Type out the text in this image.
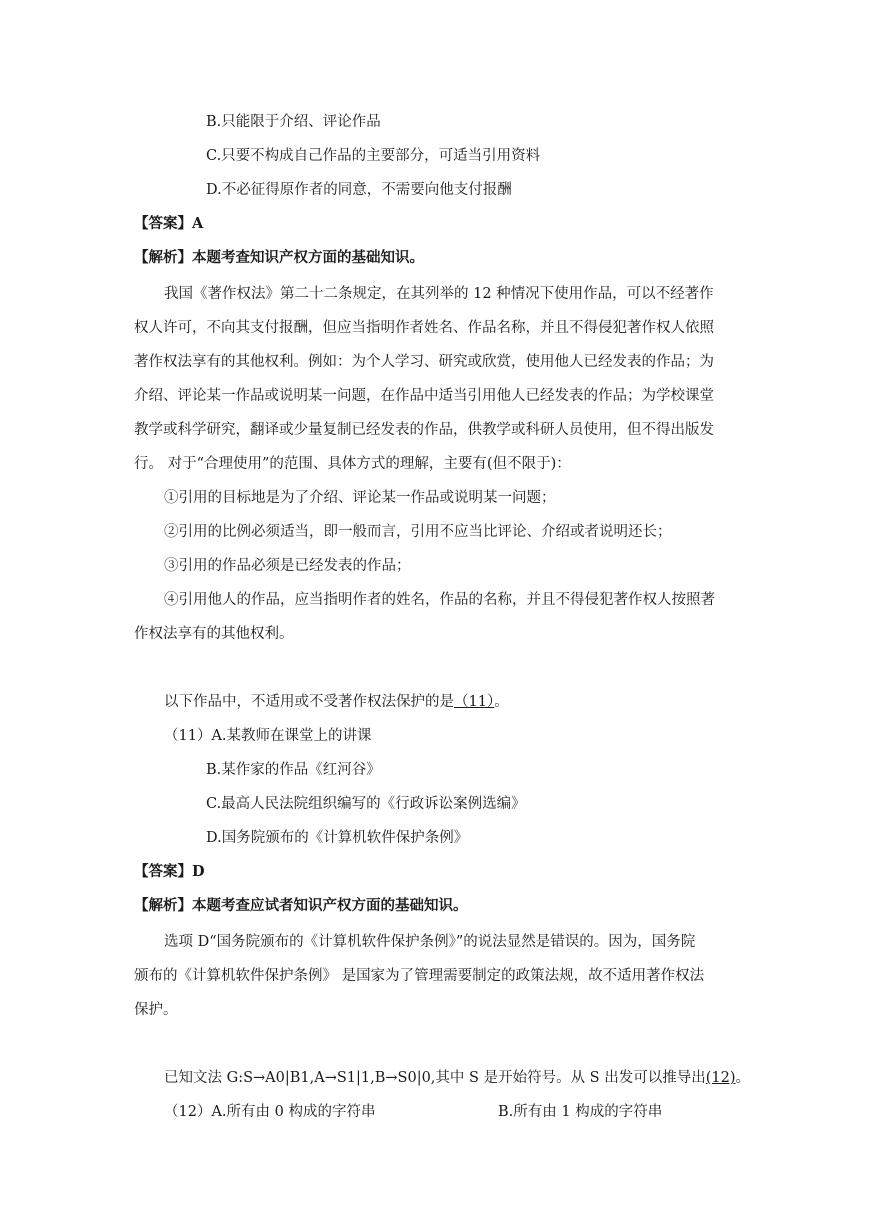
B.只能限于介绍、评论作品
C.只要不构成自己作品的主要部分，可适当引用资料
D.不必征得原作者的同意，不需要向他支付报酬
【答案】A
【解析】本题考查知识产权方面的基础知识。
我国《著作权法》第二十二条规定，在其列举的 12 种情况下使用作品，可以不经著作
权人许可，不向其支付报酬，但应当指明作者姓名、作品名称，并且不得侵犯著作权人依照
著作权法享有的其他权利。例如：为个人学习、研究或欣赏，使用他人已经发表的作品；为
介绍、评论某一作品或说明某一问题，在作品中适当引用他人已经发表的作品；为学校课堂
教学或科学研究，翻译或少量复制已经发表的作品，供教学或科研人员使用，但不得出版发
行。 对于“合理使用”的范围、具体方式的理解，主要有(但不限于)：
①引用的目标地是为了介绍、评论某一作品或说明某一问题；
②引用的比例必须适当，即一般而言，引用不应当比评论、介绍或者说明还长；
③引用的作品必须是已经发表的作品；
④引用他人的作品，应当指明作者的姓名，作品的名称，并且不得侵犯著作权人按照著
作权法享有的其他权利。
以下作品中，不适用或不受著作权法保护的是（11）。
（11）A.某教师在课堂上的讲课
B.某作家的作品《红河谷》
C.最高人民法院组织编写的《行政诉讼案例选编》
D.国务院颁布的《计算机软件保护条例》
【答案】D
【解析】本题考查应试者知识产权方面的基础知识。
选项 D“国务院颁布的《计算机软件保护条例》”的说法显然是错误的。因为，国务院
颁布的《计算机软件保护条例》 是国家为了管理需要制定的政策法规，故不适用著作权法
保护。
已知文法 G:S→A0|B1,A→S1|1,B→S0|0,其中 S 是开始符号。从 S 出发可以推导出(12)。
（12）A.所有由 0 构成的字符串	B.所有由 1 构成的字符串
